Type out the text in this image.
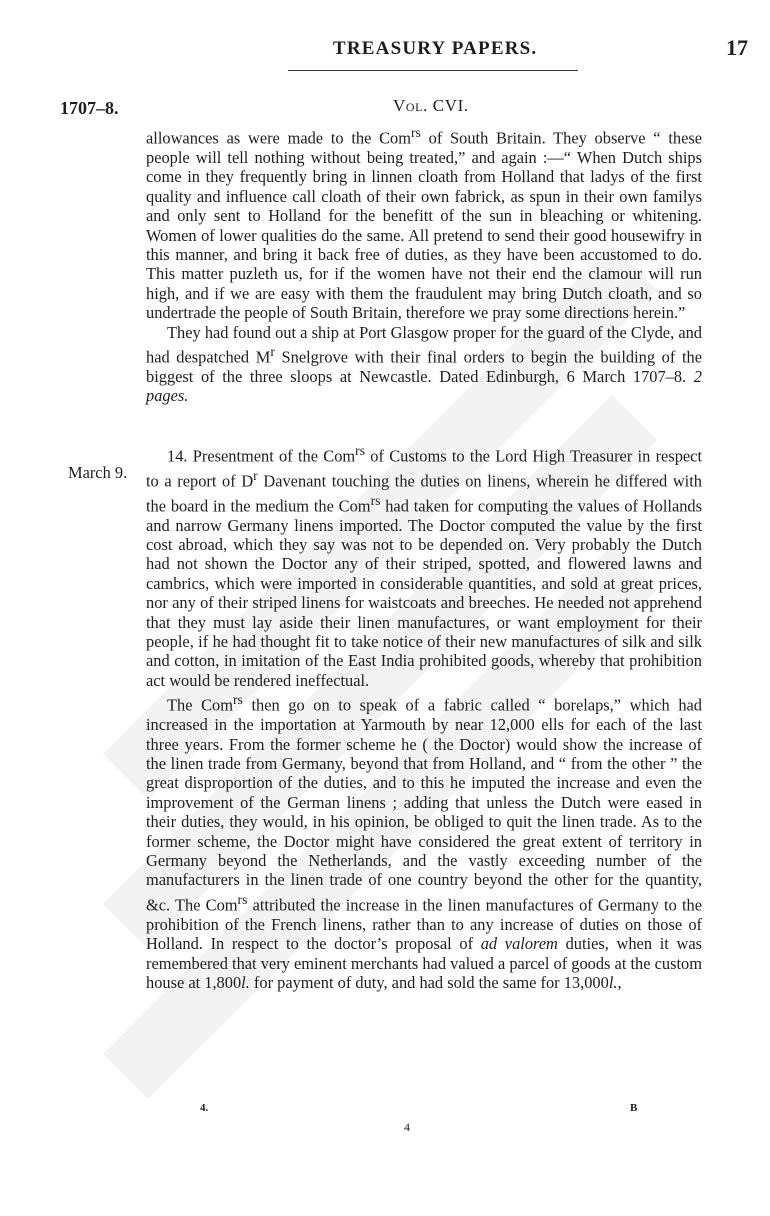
TREASURY PAPERS.	17
1707–8.	Vol. CVI.

allowances as were made to the Com$^{rs}$ of South Britain. They observe “ these people will tell nothing without being treated,” and again :—“ When Dutch ships come in they frequently bring in linnen cloath from Holland that ladys of the first quality and influence call cloath of their own fabrick, as spun in their own familys and only sent to Holland for the benefitt of the sun in bleaching or whitening. Women of lower qualities do the same. All pretend to send their good housewifry in this manner, and bring it back free of duties, as they have been accustomed to do. This matter puzleth us, for if the women have not their end the clamour will run high, and if we are easy with them the fraudulent may bring Dutch cloath, and so undertrade the people of South Britain, therefore we pray some directions herein.”

They had found out a ship at Port Glasgow proper for the guard of the Clyde, and had despatched $M^r$ Snelgrove with their final orders to begin the building of the biggest of the three sloops at Newcastle. Dated Edinburgh, 6 March 1707–8. 2 pages.

March 9.

14. Presentment of the Com$^{rs}$ of Customs to the Lord High Treasurer in respect to a report of $D^r$ Davenant touching the duties on linens, wherein he differed with the board in the medium the Com$^{rs}$ had taken for computing the values of Hollands and narrow Germany linens imported. The Doctor computed the value by the first cost abroad, which they say was not to be depended on. Very probably the Dutch had not shown the Doctor any of their striped, spotted, and flowered lawns and cambrics, which were imported in considerable quantities, and sold at great prices, nor any of their striped linens for waistcoats and breeches. He needed not apprehend that they must lay aside their linen manufactures, or want employment for their people, if he had thought fit to take notice of their new manufactures of silk and silk and cotton, in imitation of the East India prohibited goods, whereby that prohibition act would be rendered ineffectual.

The Com$^{rs}$ then go on to speak of a fabric called “ borelaps,” which had increased in the importation at Yarmouth by near 12,000 ells for each of the last three years. From the former scheme he ( the Doctor) would show the increase of the linen trade from Germany, beyond that from Holland, and “ from the other ” the great disproportion of the duties, and to this he imputed the increase and even the improvement of the German linens ; adding that unless the Dutch were eased in their duties, they would, in his opinion, be obliged to quit the linen trade. As to the former scheme, the Doctor might have considered the great extent of territory in Germany beyond the Netherlands, and the vastly exceeding number of the manufacturers in the linen trade of one country beyond the other for the quantity, &c. The Com$^{rs}$ attributed the increase in the linen manufactures of Germany to the prohibition of the French linens, rather than to any increase of duties on those of Holland. In respect to the doctor’s proposal of ad valorem duties, when it was remembered that very eminent merchants had valued a parcel of goods at the custom house at 1,800l. for payment of duty, and had sold the same for 13,000l.,

4.
4
B
